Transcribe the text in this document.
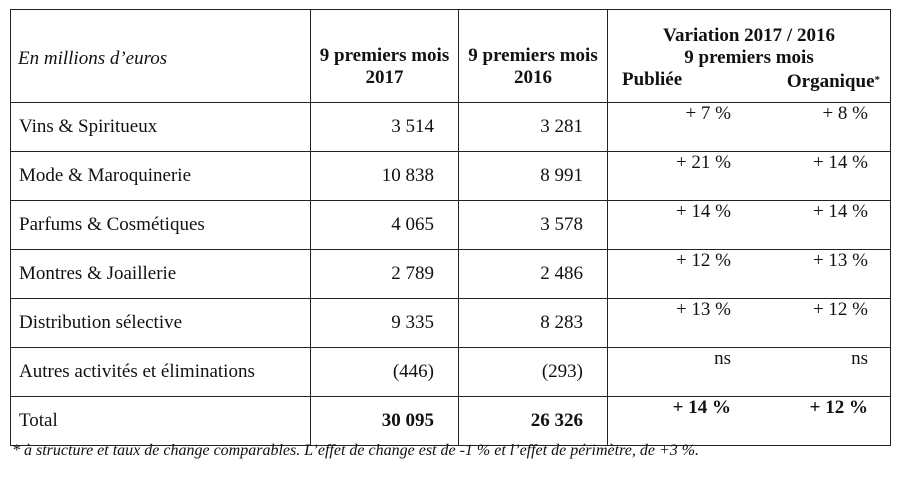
En millions d’euros	9 premiers mois 2017	9 premiers mois 2016	Variation 2017 / 2016
9 premiers mois
Publiée Organique*

Vins & Spiritueux	3 514	3 281	+ 7 % + 8 %

Mode & Maroquinerie	10 838	8 991	+ 21 % + 14 %

Parfums & Cosmétiques	4 065	3 578	+ 14 % + 14 %

Montres & Joaillerie	2 789	2 486	+ 12 % + 13 %

Distribution sélective	9 335	8 283	+ 13 % + 12 %

Autres activités et éliminations	(446)	(293)	ns ns

Total	30 095	26 326	+ 14 % + 12 %
* à structure et taux de change comparables. L’effet de change est de -1 % et l’effet de périmètre, de +3 %.
